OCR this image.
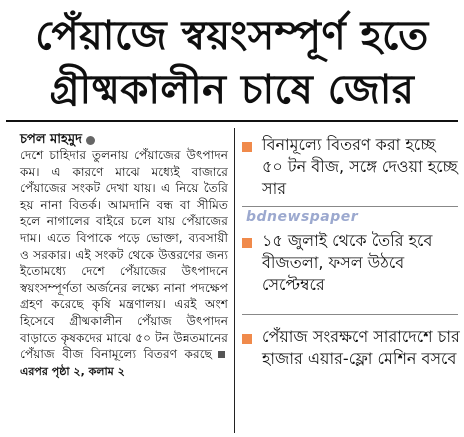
পেঁয়াজে স্বয়ংসম্পূর্ণ হতে
গ্রীষ্মকালীন চাষে জোর
চপল মাহমুদ
দেশে চাহিদার তুলনায় পেঁয়াজের উৎপাদন কম। এ কারণে মাঝে মধ্যেই বাজারে পেঁয়াজের সংকট দেখা যায়। এ নিয়ে তৈরি হয় নানা বিতর্ক। আমদানি বন্ধ বা সীমিত হলে নাগালের বাইরে চলে যায় পেঁয়াজের দাম। এতে বিপাকে পড়ে ভোক্তা, ব্যবসায়ী ও সরকার। এই সংকট থেকে উত্তরণের জন্য ইতোমধ্যে দেশে পেঁয়াজের উৎপাদনে স্বয়ংসম্পূর্ণতা অর্জনের লক্ষ্যে নানা পদক্ষেপ গ্রহণ করেছে কৃষি মন্ত্রণালয়। এরই অংশ হিসেবে গ্রীষ্মকালীন পেঁয়াজ উৎপাদন বাড়াতে কৃষকদের মাঝে ৫০ টন উন্নতমানের পেঁয়াজ বীজ বিনামূল্যে বিতরণ করছেএরপর পৃষ্ঠা ২, কলাম ২
বিনামূল্যে বিতরণ করা হচ্ছে ৫০ টন বীজ, সঙ্গে দেওয়া হচ্ছে সার
bdnewspaper
১৫ জুলাই থেকে তৈরি হবে বীজতলা, ফসল উঠবে সেপ্টেম্বরে
পেঁয়াজ সংরক্ষণে সারাদেশে চার হাজার এয়ার-ফ্লো মেশিন বসবে
